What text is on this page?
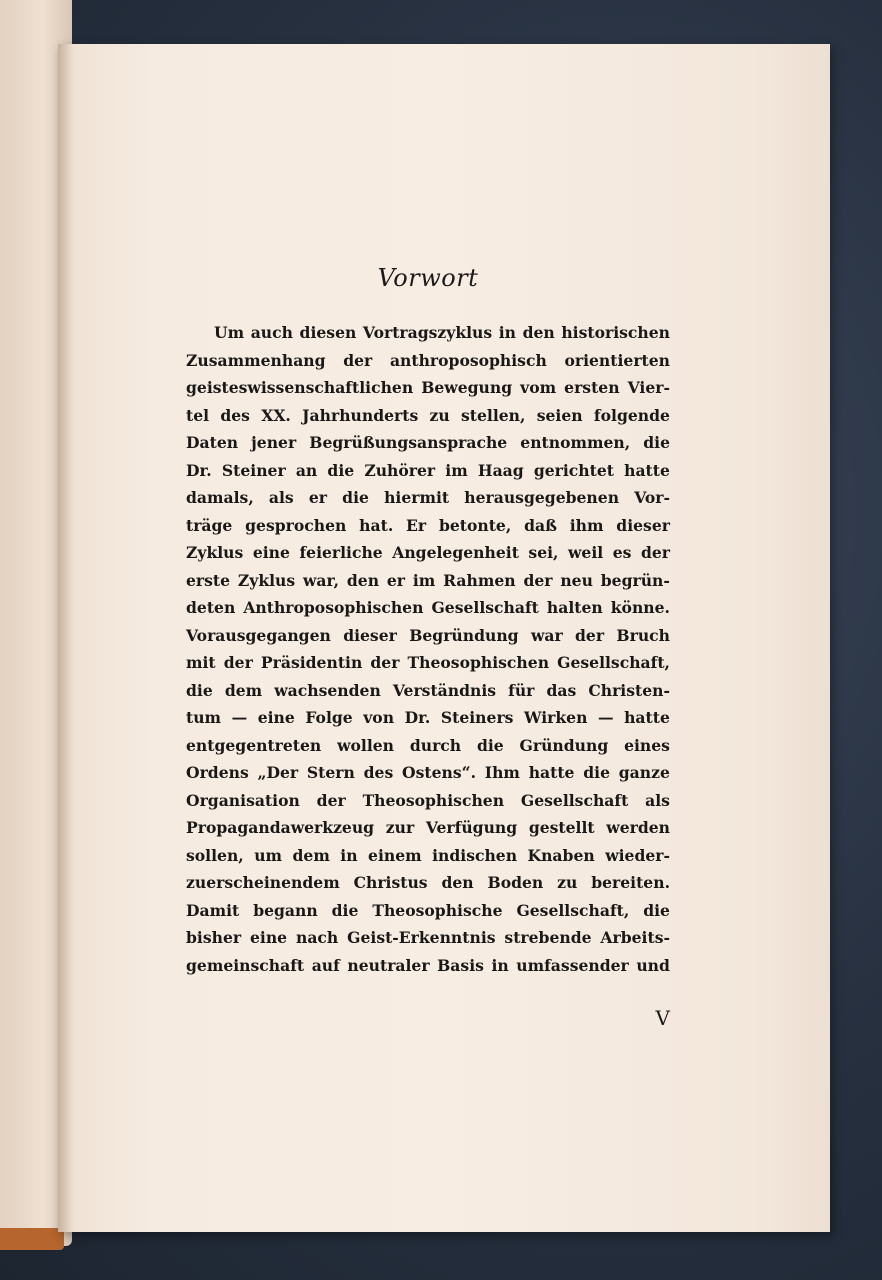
Vorwort
Um auch diesen Vortragszyklus in den historischen
Zusammenhang der anthroposophisch orientierten
geisteswissenschaftlichen Bewegung vom ersten Vier-
tel des XX. Jahrhunderts zu stellen, seien folgende
Daten jener Begrüßungsansprache entnommen, die
Dr. Steiner an die Zuhörer im Haag gerichtet hatte
damals, als er die hiermit herausgegebenen Vor-
träge gesprochen hat. Er betonte, daß ihm dieser
Zyklus eine feierliche Angelegenheit sei, weil es der
erste Zyklus war, den er im Rahmen der neu begrün-
deten Anthroposophischen Gesellschaft halten könne.
Vorausgegangen dieser Begründung war der Bruch
mit der Präsidentin der Theosophischen Gesellschaft,
die dem wachsenden Verständnis für das Christen-
tum — eine Folge von Dr. Steiners Wirken — hatte
entgegentreten wollen durch die Gründung eines
Ordens „Der Stern des Ostens“. Ihm hatte die ganze
Organisation der Theosophischen Gesellschaft als
Propagandawerkzeug zur Verfügung gestellt werden
sollen, um dem in einem indischen Knaben wieder-
zuerscheinendem Christus den Boden zu bereiten.
Damit begann die Theosophische Gesellschaft, die
bisher eine nach Geist-Erkenntnis strebende Arbeits-
gemeinschaft auf neutraler Basis in umfassender und
V
